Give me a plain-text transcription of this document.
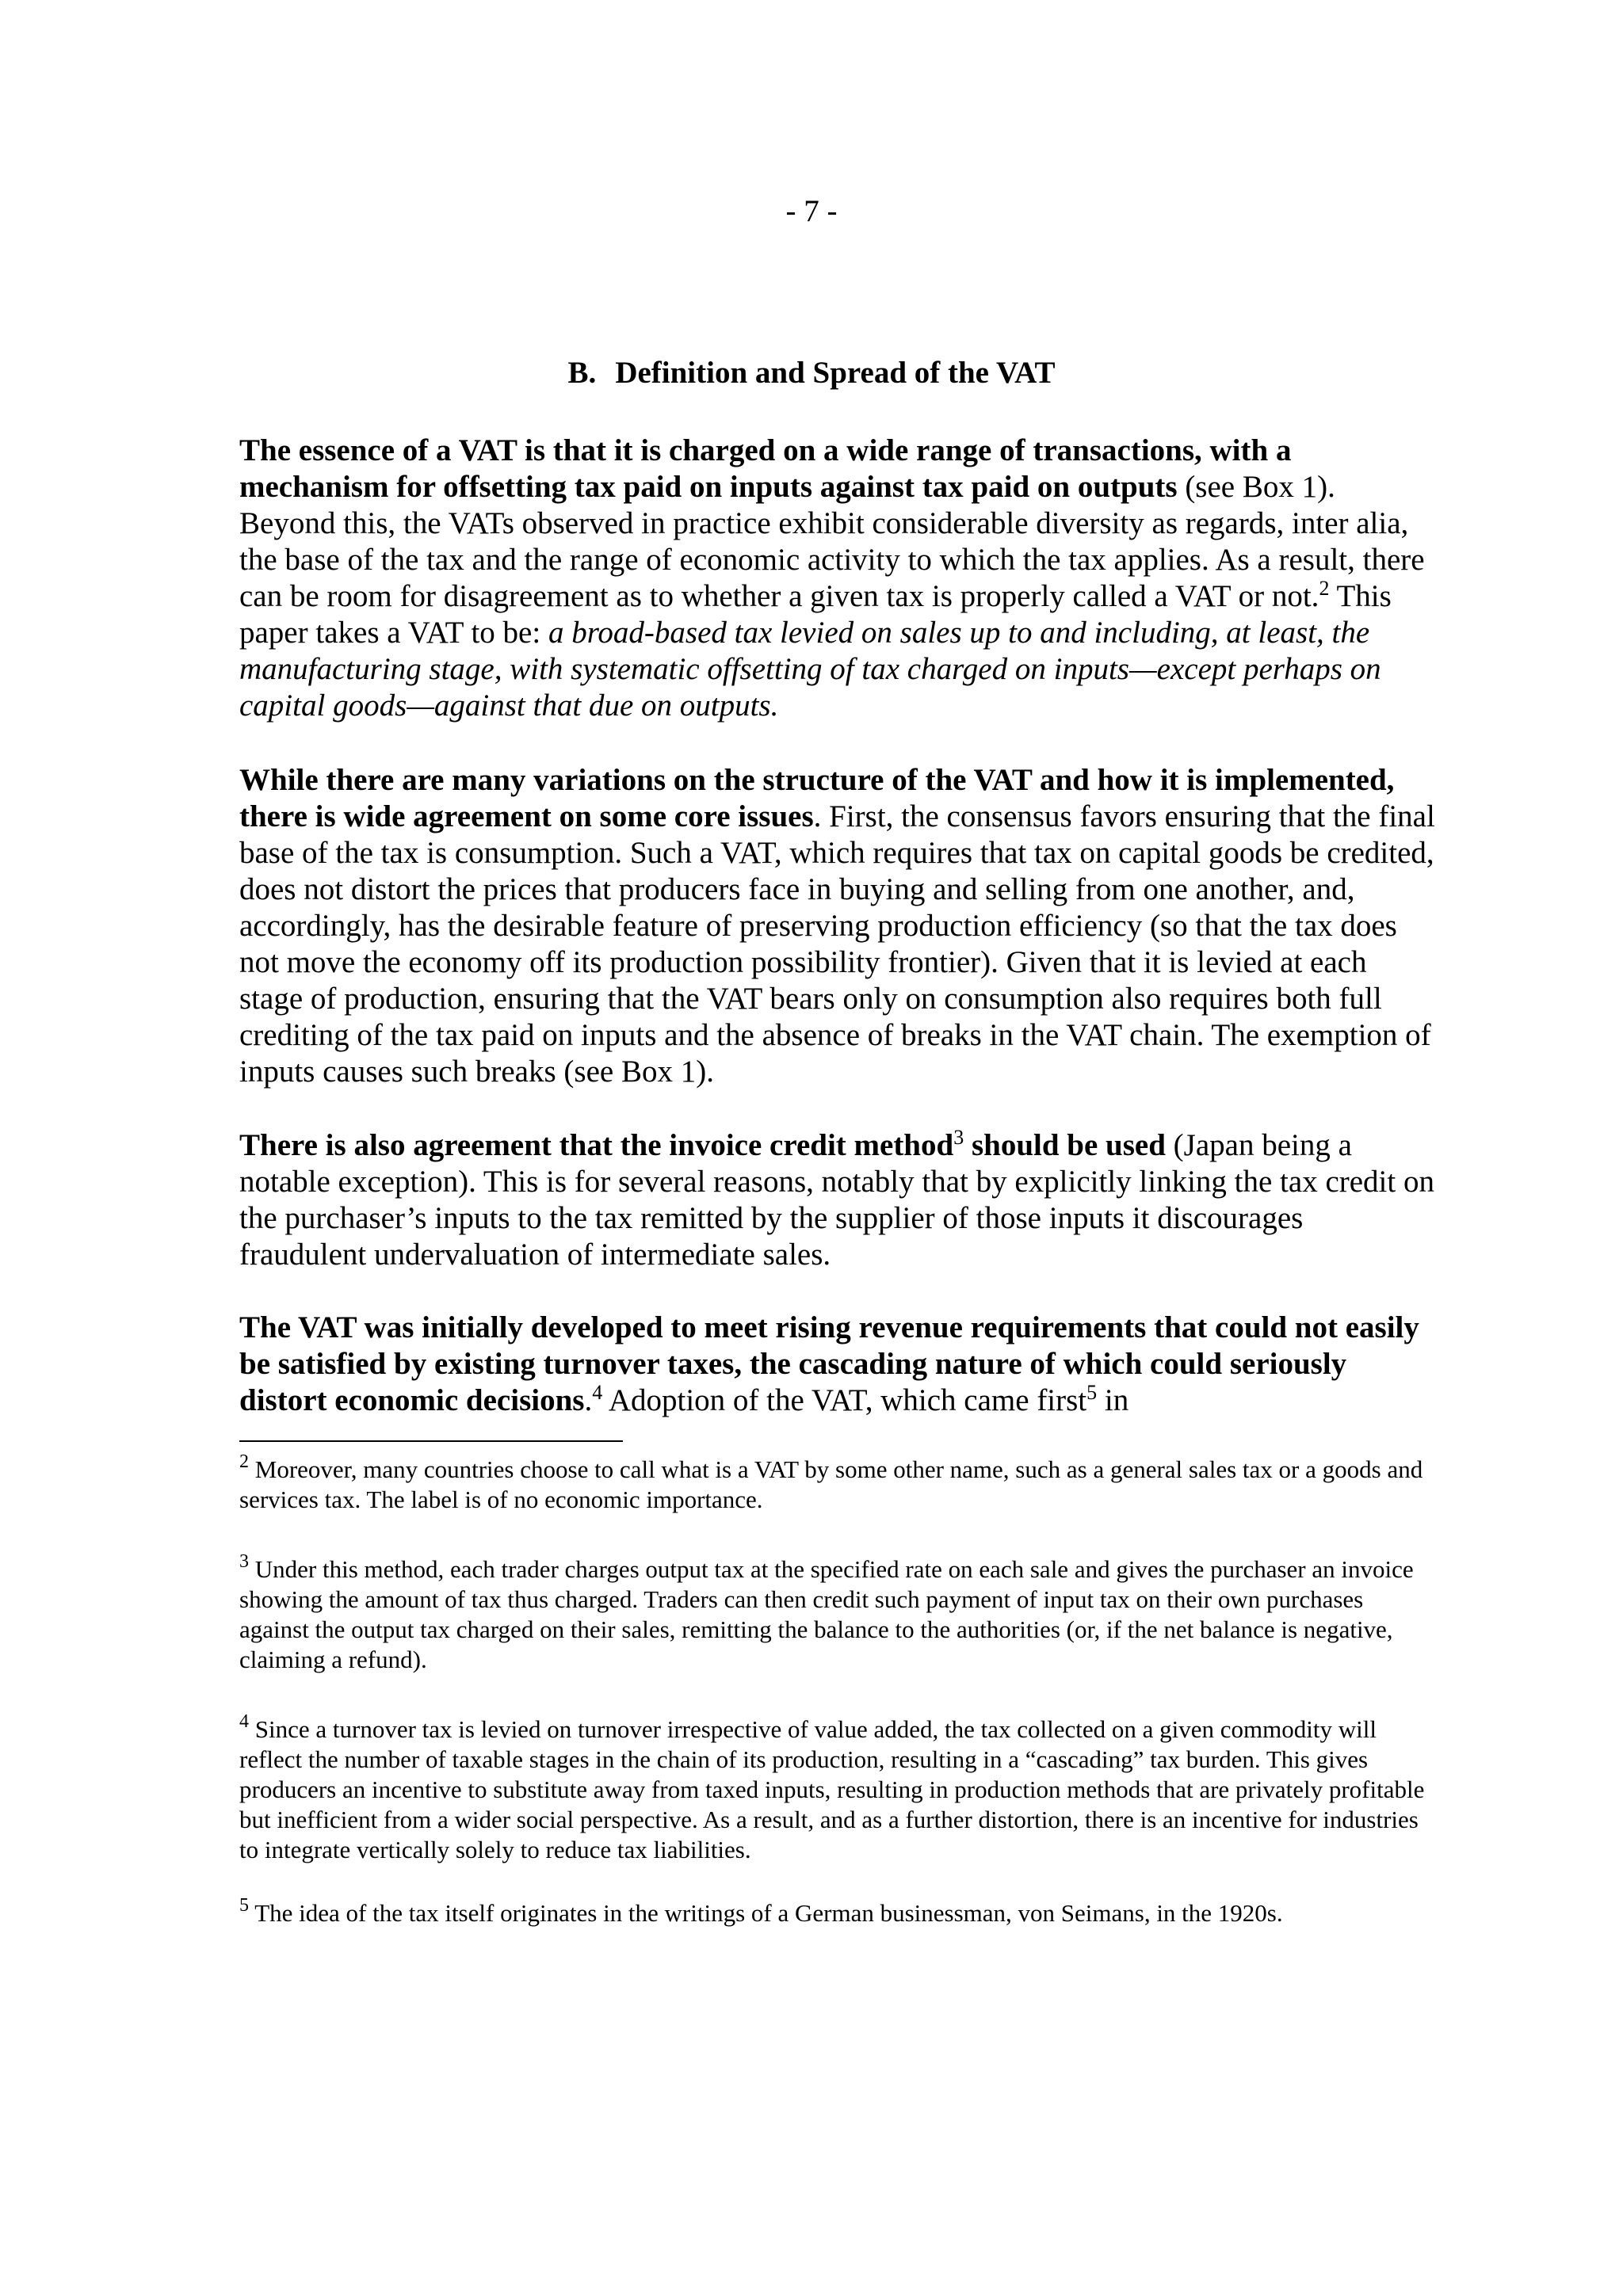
- 7 -
B. Definition and Spread of the VAT

The essence of a VAT is that it is charged on a wide range of transactions, with a mechanism for offsetting tax paid on inputs against tax paid on outputs (see Box 1). Beyond this, the VATs observed in practice exhibit considerable diversity as regards, inter alia, the base of the tax and the range of economic activity to which the tax applies. As a result, there can be room for disagreement as to whether a given tax is properly called a VAT or not.$^2$ This paper takes a VAT to be: a broad-based tax levied on sales up to and including, at least, the manufacturing stage, with systematic offsetting of tax charged on inputs—except perhaps on capital goods—against that due on outputs.

While there are many variations on the structure of the VAT and how it is implemented, there is wide agreement on some core issues. First, the consensus favors ensuring that the final base of the tax is consumption. Such a VAT, which requires that tax on capital goods be credited, does not distort the prices that producers face in buying and selling from one another, and, accordingly, has the desirable feature of preserving production efficiency (so that the tax does not move the economy off its production possibility frontier). Given that it is levied at each stage of production, ensuring that the VAT bears only on consumption also requires both full crediting of the tax paid on inputs and the absence of breaks in the VAT chain. The exemption of inputs causes such breaks (see Box 1).

There is also agreement that the invoice credit method$^3$ should be used (Japan being a notable exception). This is for several reasons, notably that by explicitly linking the tax credit on the purchaser’s inputs to the tax remitted by the supplier of those inputs it discourages fraudulent undervaluation of intermediate sales.

The VAT was initially developed to meet rising revenue requirements that could not easily be satisfied by existing turnover taxes, the cascading nature of which could seriously distort economic decisions.$^4$ Adoption of the VAT, which came first$^5$ in

$^2$ Moreover, many countries choose to call what is a VAT by some other name, such as a general sales tax or a goods and services tax. The label is of no economic importance.

$^3$ Under this method, each trader charges output tax at the specified rate on each sale and gives the purchaser an invoice showing the amount of tax thus charged. Traders can then credit such payment of input tax on their own purchases against the output tax charged on their sales, remitting the balance to the authorities (or, if the net balance is negative, claiming a refund).

$^4$ Since a turnover tax is levied on turnover irrespective of value added, the tax collected on a given commodity will reflect the number of taxable stages in the chain of its production, resulting in a “cascading” tax burden. This gives producers an incentive to substitute away from taxed inputs, resulting in production methods that are privately profitable but inefficient from a wider social perspective. As a result, and as a further distortion, there is an incentive for industries to integrate vertically solely to reduce tax liabilities.

$^5$ The idea of the tax itself originates in the writings of a German businessman, von Seimans, in the 1920s.
